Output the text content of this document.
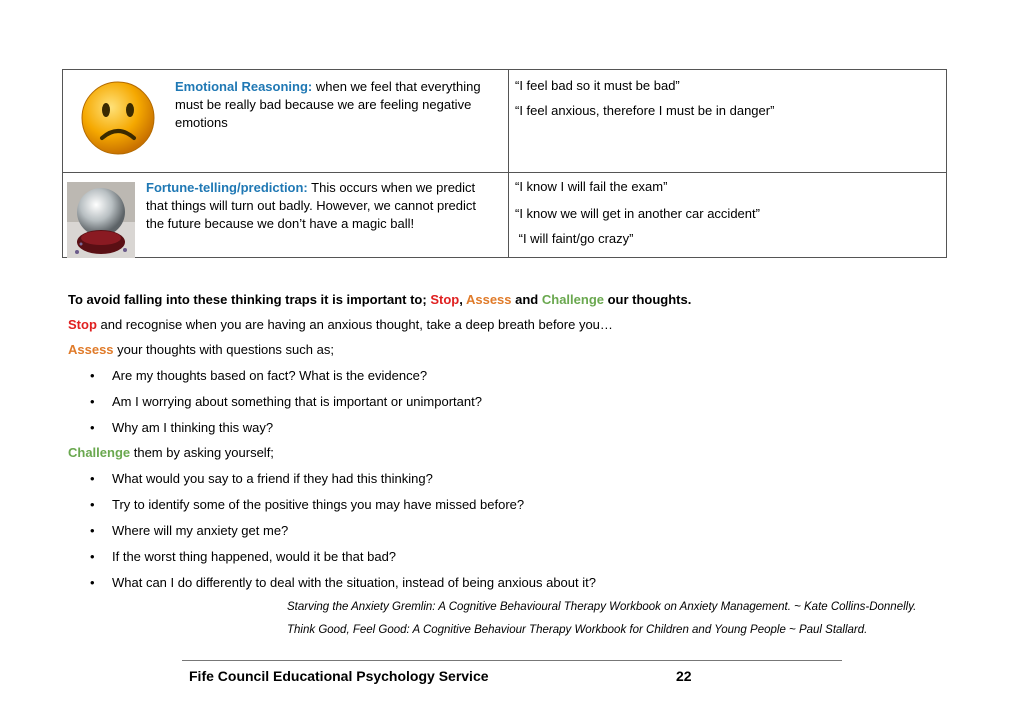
Emotional Reasoning: when we feel that everything must be really bad because we are feeling negative emotions
“I feel bad so it must be bad”
“I feel anxious, therefore I must be in danger”
Fortune-telling/prediction: This occurs when we predict that things will turn out badly. However, we cannot predict the future because we don’t have a magic ball!
“I know I will fail the exam”
“I know we will get in another car accident”
“I will faint/go crazy”
To avoid falling into these thinking traps it is important to; Stop, Assess and Challenge our thoughts.
Stop and recognise when you are having an anxious thought, take a deep breath before you…
Assess your thoughts with questions such as;
• Are my thoughts based on fact? What is the evidence?
• Am I worrying about something that is important or unimportant?
• Why am I thinking this way?
Challenge them by asking yourself;
• What would you say to a friend if they had this thinking?
• Try to identify some of the positive things you may have missed before?
• Where will my anxiety get me?
• If the worst thing happened, would it be that bad?
• What can I do differently to deal with the situation, instead of being anxious about it?
Starving the Anxiety Gremlin: A Cognitive Behavioural Therapy Workbook on Anxiety Management. ~ Kate Collins-Donnelly.
Think Good, Feel Good: A Cognitive Behaviour Therapy Workbook for Children and Young People ~ Paul Stallard.
Fife Council Educational Psychology Service	22
